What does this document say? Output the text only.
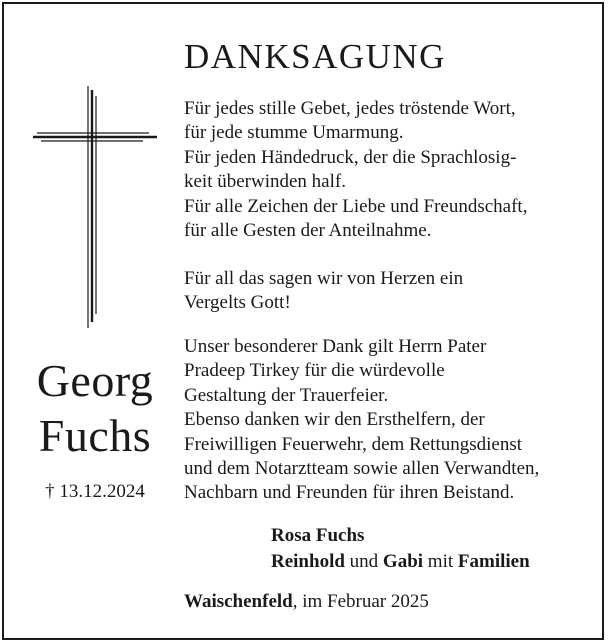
Georg
Fuchs
† 13.12.2024
DANKSAGUNG
Für jedes stille Gebet, jedes tröstende Wort,
für jede stumme Umarmung.
Für jeden Händedruck, der die Sprachlosig-
keit überwinden half.
Für alle Zeichen der Liebe und Freundschaft,
für alle Gesten der Anteilnahme.
Für all das sagen wir von Herzen ein
Vergelts Gott!
Unser besonderer Dank gilt Herrn Pater
Pradeep Tirkey für die würdevolle
Gestaltung der Trauerfeier.
Ebenso danken wir den Ersthelfern, der
Freiwilligen Feuerwehr, dem Rettungsdienst
und dem Notarztteam sowie allen Verwandten,
Nachbarn und Freunden für ihren Beistand.
Rosa Fuchs
Reinhold und Gabi mit Familien
Waischenfeld, im Februar 2025
